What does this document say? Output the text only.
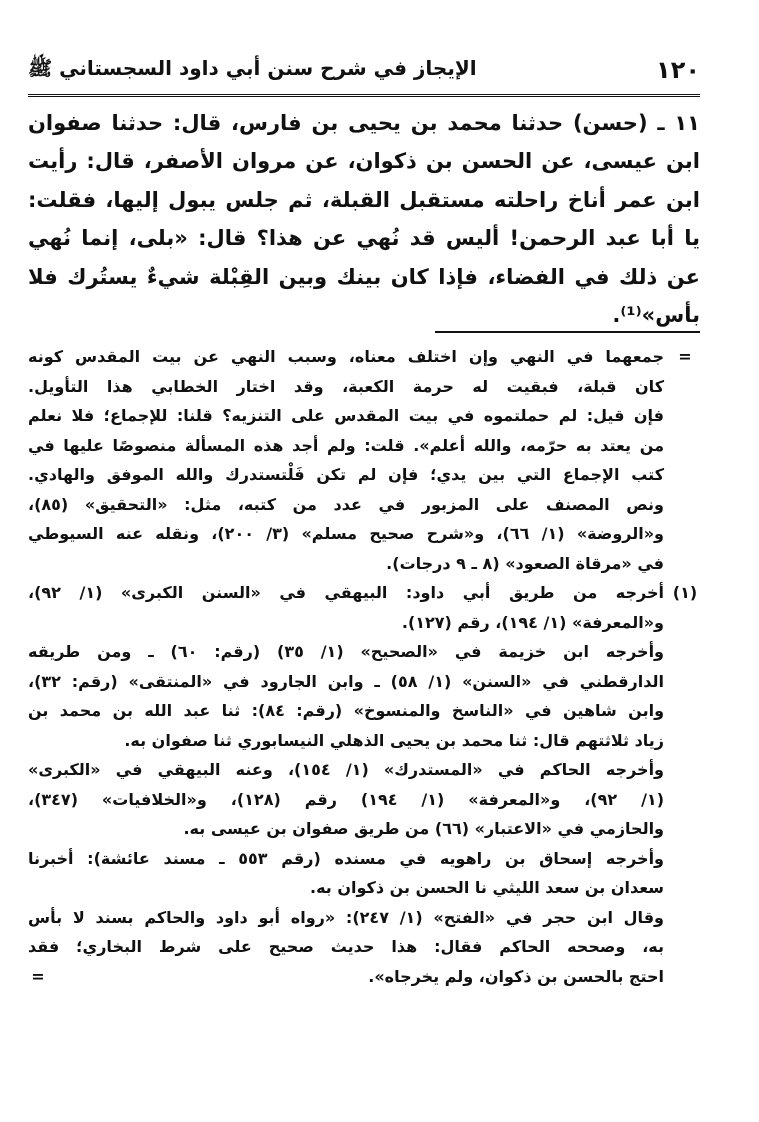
١٢٠
الإيجاز في شرح سنن أبي داود السجستاني ﷺ

١١ ـ (حسن) حدثنا محمد بن يحيى بن فارس، قال: حدثنا صفوان ابن عيسى، عن الحسن بن ذكوان، عن مروان الأصفر، قال: رأيت ابن عمر أناخ راحلته مستقبل القبلة، ثم جلس يبول إليها، فقلت: يا أبا عبد الرحمن! أليس قد نُهي عن هذا؟ قال: «بلى، إنما نُهي عن ذلك في الفضاء، فإذا كان بينك وبين القِبْلة شيءٌ يستُرك فلا بأس»⁽¹⁾.

=
جمعهما في النهي وإن اختلف معناه، وسبب النهي عن بيت المقدس كونه
كان قبلة، فبقيت له حرمة الكعبة، وقد اختار الخطابي هذا التأويل.
فإن قيل: لم حملتموه في بيت المقدس على التنزيه؟ قلنا: للإجماع؛ فلا نعلم
من يعتد به حرّمه، والله أعلم». قلت: ولم أجد هذه المسألة منصوصًا عليها في
كتب الإجماع التي بين يدي؛ فإن لم تكن فَلْتستدرك والله الموفق والهادي.
ونص المصنف على المزبور في عدد من كتبه، مثل: «التحقيق» (٨٥)،
و«الروضة» (١/ ٦٦)، و«شرح صحيح مسلم» (٣/ ٢٠٠)، ونقله عنه السيوطي
في «مرقاة الصعود» (٨ ـ ٩ درجات).
(١)
أخرجه من طريق أبي داود: البيهقي في «السنن الكبرى» (١/ ٩٢)،
و«المعرفة» (١/ ١٩٤)، رقم (١٢٧).
وأخرجه ابن خزيمة في «الصحيح» (١/ ٣٥) (رقم: ٦٠) ـ ومن طريقه
الدارقطني في «السنن» (١/ ٥٨) ـ وابن الجارود في «المنتقى» (رقم: ٣٢)،
وابن شاهين في «الناسخ والمنسوخ» (رقم: ٨٤): ثنا عبد الله بن محمد بن
زياد ثلاثتهم قال: ثنا محمد بن يحيى الذهلي النيسابوري ثنا صفوان به.
وأخرجه الحاكم في «المستدرك» (١/ ١٥٤)، وعنه البيهقي في «الكبرى»
(١/ ٩٢)، و«المعرفة» (١/ ١٩٤) رقم (١٢٨)، و«الخلافيات» (٣٤٧)،
والحازمي في «الاعتبار» (٦٦) من طريق صفوان بن عيسى به.
وأخرجه إسحاق بن راهويه في مسنده (رقم ٥٥٣ ـ مسند عائشة): أخبرنا
سعدان بن سعد الليثي نا الحسن بن ذكوان به.
وقال ابن حجر في «الفتح» (١/ ٢٤٧): «رواه أبو داود والحاكم بسند لا بأس
به، وصححه الحاكم فقال: هذا حديث صحيح على شرط البخاري؛ فقد
احتج بالحسن بن ذكوان، ولم يخرجاه».
=
